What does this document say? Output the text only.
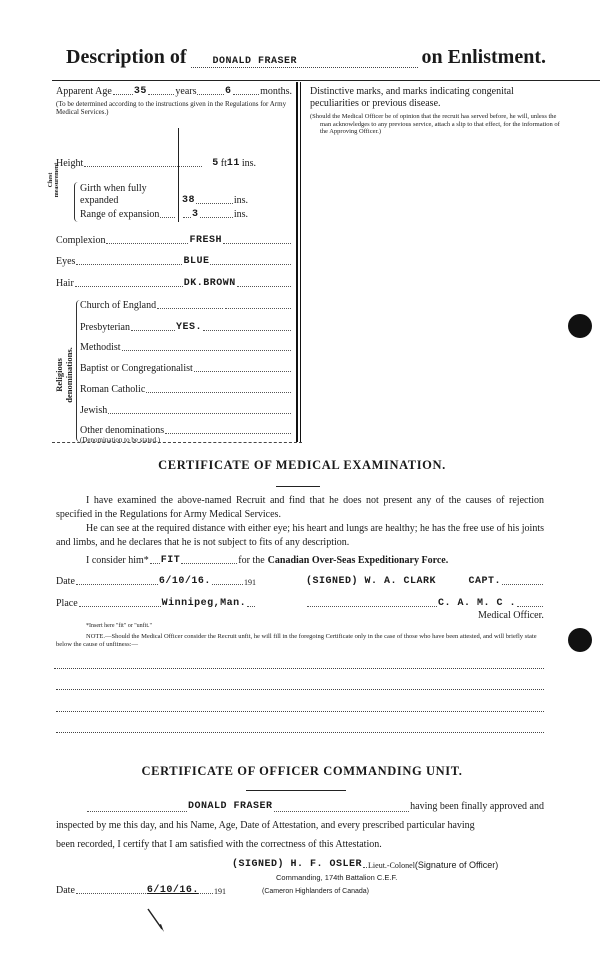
Description of	DONALD FRASER	on Enlistment.
Apparent Age 35	years	6	months.
(To be determined according to the instructions given in the Regulations for Army Medical Services.)
Height	5 ft 11 ins.
Chest measurement Girth when fully expanded	38	ins.
Range of expansion	3	ins.
Complexion	FRESH
Eyes	BLUE
Hair	DK.BROWN
Religious denominations.
Church of England
Presbyterian	YES.
Methodist
Baptist or Congregationalist
Roman Catholic
Jewish
Other denominations
(Denomination to be stated.)
Distinctive marks, and marks indicating congenital peculiarities or previous disease.
(Should the Medical Officer be of opinion that the recruit has served before, he will, unless the man acknowledges to any previous service, attach a slip to that effect, for the information of the Approving Officer.)
CERTIFICATE OF MEDICAL EXAMINATION.
I have examined the above-named Recruit and find that he does not present any of the causes of rejection specified in the Regulations for Army Medical Services.
He can see at the required distance with either eye; his heart and lungs are healthy; he has the free use of his joints and limbs, and he declares that he is not subject to fits of any description.
I consider him* FIT	for the Canadian Over-Seas Expeditionary Force.
Date	6/10/16.	191	(SIGNED) W. A. CLARK     CAPT.
Place	Winnipeg,Man.	C. A. M. C .
Medical Officer.
*Insert here "fit" or "unfit."
NOTE.—Should the Medical Officer consider the Recruit unfit, he will fill in the foregoing Certificate only in the case of those who have been attested, and will briefly state below the cause of unfitness:—
CERTIFICATE OF OFFICER COMMANDING UNIT.
DONALD FRASER	having been finally approved and
inspected by me this day, and his Name, Age, Date of Attestation, and every prescribed particular having
been recorded, I certify that I am satisfied with the correctness of this Attestation.
(SIGNED) H. F. OSLER Lieut.-Colonel (Signature of Officer)
Commanding, 174th Battalion C.E.F.
Date	6/10/16. 191	(Cameron Highlanders of Canada)
